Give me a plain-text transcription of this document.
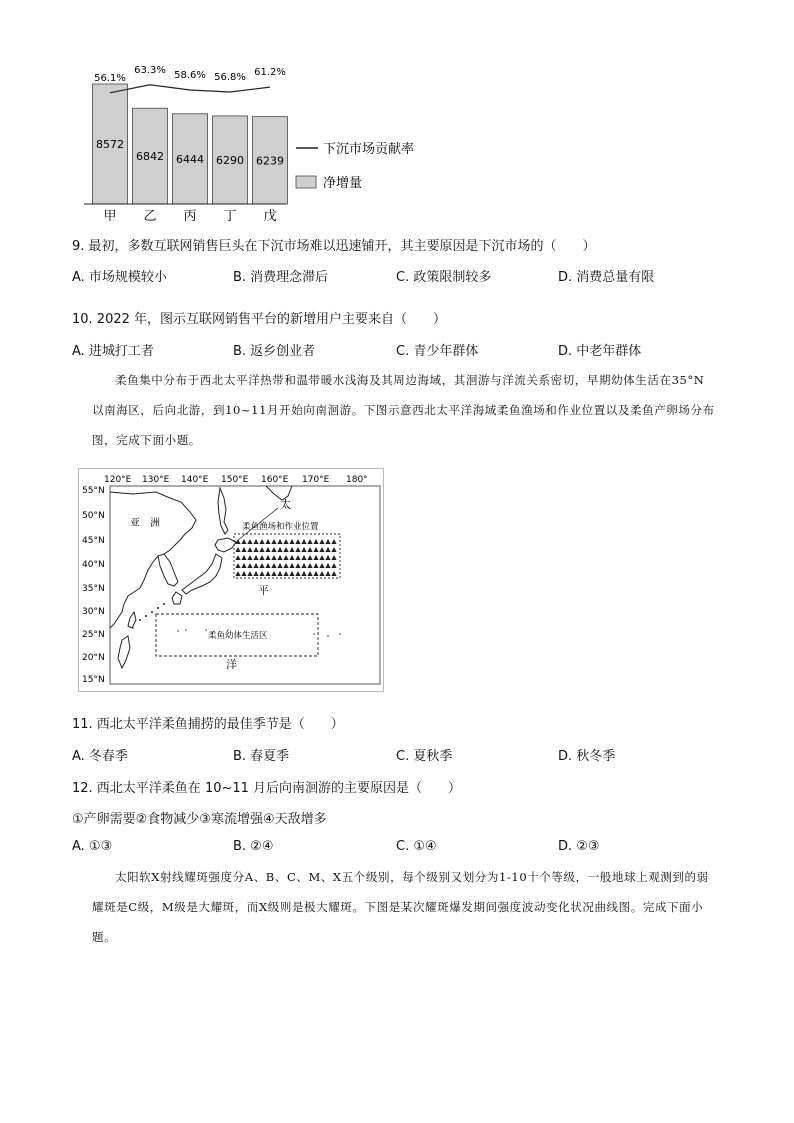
8572
6842 6444 6290 6239
56.1%
63.3% 58.6% 56.8% 61.2%
甲 乙 丙 丁 戊
下沉市场贡献率
净增量
9. 最初，多数互联网销售巨头在下沉市场难以迅速铺开，其主要原因是下沉市场的（　　）
A. 市场规模较小	B. 消费理念滞后	C. 政策限制较多	D. 消费总量有限
10. 2022 年，图示互联网销售平台的新增用户主要来自（　　）
A. 进城打工者	B. 返乡创业者	C. 青少年群体	D. 中老年群体

柔鱼集中分布于西北太平洋热带和温带暖水浅海及其周边海域，其洄游与洋流关系密切，早期幼体生活在35°N以南海区，后向北游，到10~11月开始向南洄游。下图示意西北太平洋海域柔鱼渔场和作业位置以及柔鱼产卵场分布图，完成下面小题。

120°E 130°E 140°E 150°E 160°E 170°E 180°
55°N
50°N
45°N
40°N
35°N
30°N
25°N
20°N
15°N
亚　洲
太
平
洋
柔鱼渔场和作业位置
柔鱼幼体生活区
11. 西北太平洋柔鱼捕捞的最佳季节是（　　）
A. 冬春季	B. 春夏季	C. 夏秋季	D. 秋冬季
12. 西北太平洋柔鱼在 10~11 月后向南洄游的主要原因是（　　）
①产卵需要②食物减少③寒流增强④天敌增多
A. ①③	B. ②④	C. ①④	D. ②③

太阳软X射线耀斑强度分A、B、C、M、X五个级别，每个级别又划分为1-10十个等级，一般地球上观测到的弱耀斑是C级，M级是大耀斑，而X级则是极大耀斑。下图是某次耀斑爆发期间强度波动变化状况曲线图。完成下面小题。
